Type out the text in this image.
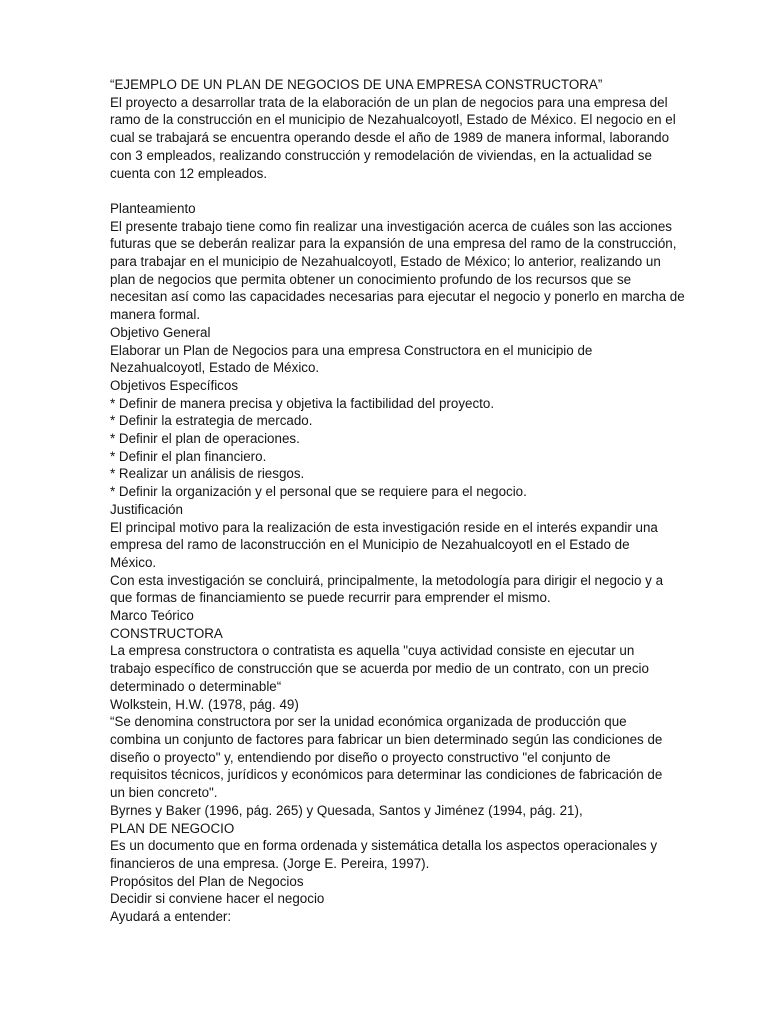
“EJEMPLO DE UN PLAN DE NEGOCIOS DE UNA EMPRESA CONSTRUCTORA”

El proyecto a desarrollar trata de la elaboración de un plan de negocios para una empresa del

ramo de la construcción en el municipio de Nezahualcoyotl, Estado de México. El negocio en el

cual se trabajará se encuentra operando desde el año de 1989 de manera informal, laborando

con 3 empleados, realizando construcción y remodelación de viviendas, en la actualidad se

cuenta con 12 empleados.

Planteamiento

El presente trabajo tiene como fin realizar una investigación acerca de cuáles son las acciones

futuras que se deberán realizar para la expansión de una empresa del ramo de la construcción,

para trabajar en el municipio de Nezahualcoyotl, Estado de México; lo anterior, realizando un

plan de negocios que permita obtener un conocimiento profundo de los recursos que se

necesitan así como las capacidades necesarias para ejecutar el negocio y ponerlo en marcha de

manera formal.

Objetivo General

Elaborar un Plan de Negocios para una empresa Constructora en el municipio de

Nezahualcoyotl, Estado de México.

Objetivos Específicos

* Definir de manera precisa y objetiva la factibilidad del proyecto.

* Definir la estrategia de mercado.

* Definir el plan de operaciones.

* Definir el plan financiero.

* Realizar un análisis de riesgos.

* Definir la organización y el personal que se requiere para el negocio.

Justificación

El principal motivo para la realización de esta investigación reside en el interés expandir una

empresa del ramo de laconstrucción en el Municipio de Nezahualcoyotl en el Estado de

México.

Con esta investigación se concluirá, principalmente, la metodología para dirigir el negocio y a

que formas de financiamiento se puede recurrir para emprender el mismo.

Marco Teórico

CONSTRUCTORA

La empresa constructora o contratista es aquella "cuya actividad consiste en ejecutar un

trabajo específico de construcción que se acuerda por medio de un contrato, con un precio

determinado o determinable“

Wolkstein, H.W. (1978, pág. 49)

“Se denomina constructora por ser la unidad económica organizada de producción que

combina un conjunto de factores para fabricar un bien determinado según las condiciones de

diseño o proyecto" y, entendiendo por diseño o proyecto constructivo "el conjunto de

requisitos técnicos, jurídicos y económicos para determinar las condiciones de fabricación de

un bien concreto".

Byrnes y Baker (1996, pág. 265) y Quesada, Santos y Jiménez (1994, pág. 21),

PLAN DE NEGOCIO

Es un documento que en forma ordenada y sistemática detalla los aspectos operacionales y

financieros de una empresa. (Jorge E. Pereira, 1997).

Propósitos del Plan de Negocios

Decidir si conviene hacer el negocio

Ayudará a entender:
